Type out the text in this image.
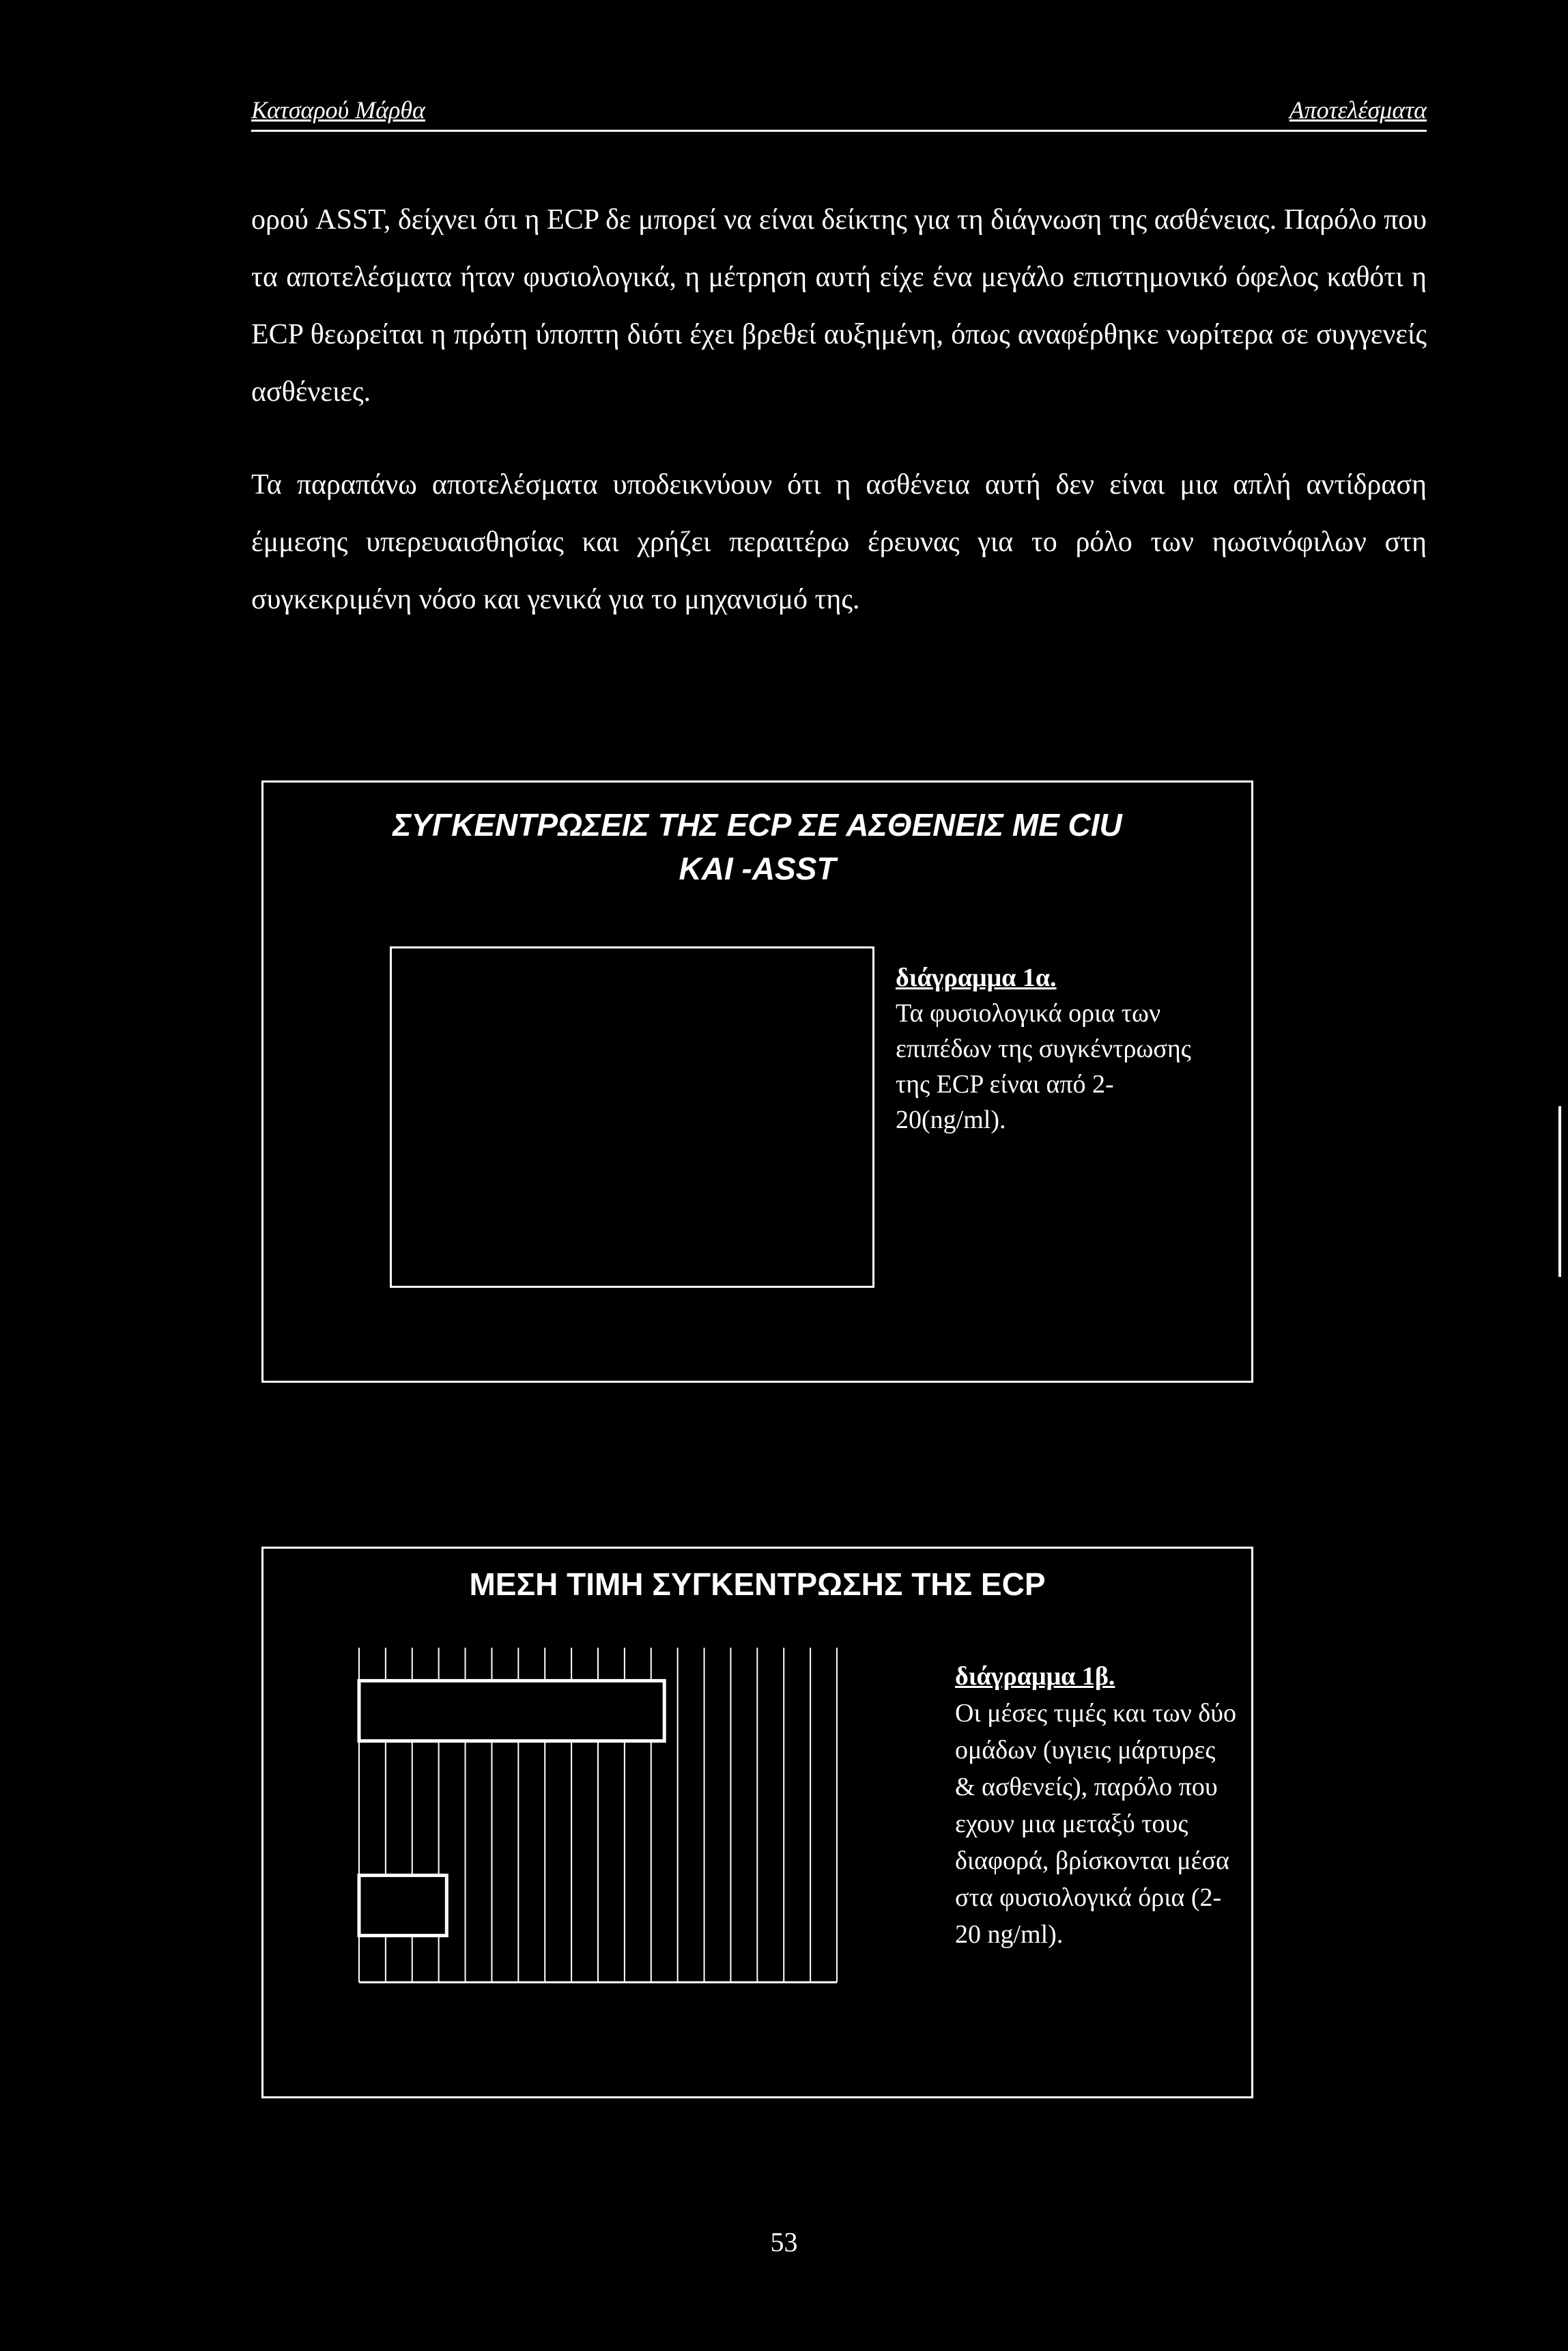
Κατσαρού Μάρθα	Αποτελέσματα

ορού ASST, δείχνει ότι η ECP δε μπορεί να είναι δείκτης για τη διάγνωση της ασθένειας. Παρόλο που τα αποτελέσματα ήταν φυσιολογικά, η μέτρηση αυτή είχε ένα μεγάλο επιστημονικό όφελος καθότι η ECP θεωρείται η πρώτη ύποπτη διότι έχει βρεθεί αυξημένη, όπως αναφέρθηκε νωρίτερα σε συγγενείς ασθένειες.

Τα παραπάνω αποτελέσματα υποδεικνύουν ότι η ασθένεια αυτή δεν είναι μια απλή αντίδραση έμμεσης υπερευαισθησίας και χρήζει περαιτέρω έρευνας για το ρόλο των ηωσινόφιλων στη συγκεκριμένη νόσο και γενικά για το μηχανισμό της.

ΣΥΓΚΕΝΤΡΩΣΕΙΣ ΤΗΣ ECP ΣΕ ΑΣΘΕΝΕΙΣ ΜΕ CIU ΚΑΙ -ASST
διάγραμμα 1α.
Τα φυσιολογικά ορια των επιπέδων της συγκέντρωσης της ECP είναι από 2-20(ng/ml).
ΜΕΣΗ ΤΙΜΗ ΣΥΓΚΕΝΤΡΩΣΗΣ ΤΗΣ ECP
διάγραμμα 1β.
Οι μέσες τιμές και των δύο ομάδων (υγιεις μάρτυρες & ασθενείς), παρόλο που εχουν μια μεταξύ τους διαφορά, βρίσκονται μέσα στα φυσιολογικά όρια (2-20 ng/ml).
53
